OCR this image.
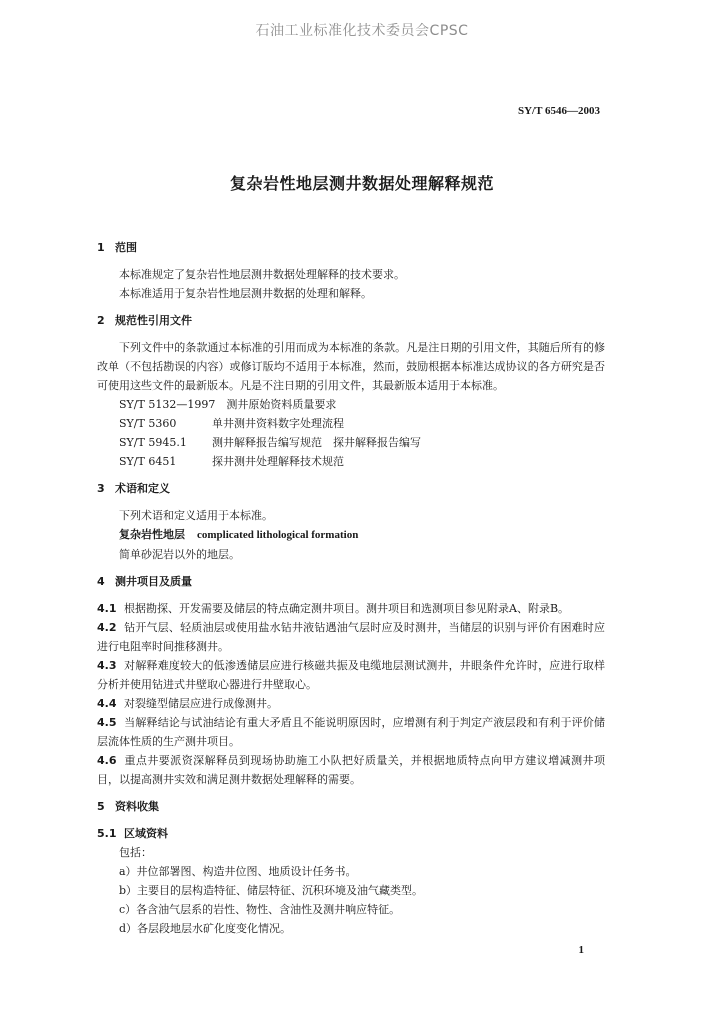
石油工业标准化技术委员会CPSC
SY/T 6546—2003
复杂岩性地层测井数据处理解释规范

1 范围

本标准规定了复杂岩性地层测井数据处理解释的技术要求。

本标准适用于复杂岩性地层测井数据的处理和解释。

2 规范性引用文件

下列文件中的条款通过本标准的引用而成为本标准的条款。凡是注日期的引用文件，其随后所有的修改单（不包括勘误的内容）或修订版均不适用于本标准，然而，鼓励根据本标准达成协议的各方研究是否可使用这些文件的最新版本。凡是不注日期的引用文件，其最新版本适用于本标准。

SY/T 5132—1997　 测井原始资料质量要求

SY/T 5360　	单井测井资料数字处理流程

SY/T 5945.1　 测井解释报告编写规范　探井解释报告编写

SY/T 6451　	探井测井处理解释技术规范

3 术语和定义

下列术语和定义适用于本标准。

复杂岩性地层 complicated lithological formation

简单砂泥岩以外的地层。

4 测井项目及质量

4.1 根据勘探、开发需要及储层的特点确定测井项目。测井项目和选测项目参见附录A、附录B。

4.2 钻开气层、轻质油层或使用盐水钻井液钻遇油气层时应及时测井，当储层的识别与评价有困难时应进行电阻率时间推移测井。

4.3 对解释难度较大的低渗透储层应进行核磁共振及电缆地层测试测井，井眼条件允许时，应进行取样分析并使用钻进式井壁取心器进行井壁取心。

4.4 对裂缝型储层应进行成像测井。

4.5 当解释结论与试油结论有重大矛盾且不能说明原因时，应增测有利于判定产液层段和有利于评价储层流体性质的生产测井项目。

4.6 重点井要派资深解释员到现场协助施工小队把好质量关，并根据地质特点向甲方建议增减测井项目，以提高测井实效和满足测井数据处理解释的需要。

5 资料收集

5.1 区域资料

包括：

a）井位部署图、构造井位图、地质设计任务书。

b）主要目的层构造特征、储层特征、沉积环境及油气藏类型。

c）各含油气层系的岩性、物性、含油性及测井响应特征。

d）各层段地层水矿化度变化情况。

1
